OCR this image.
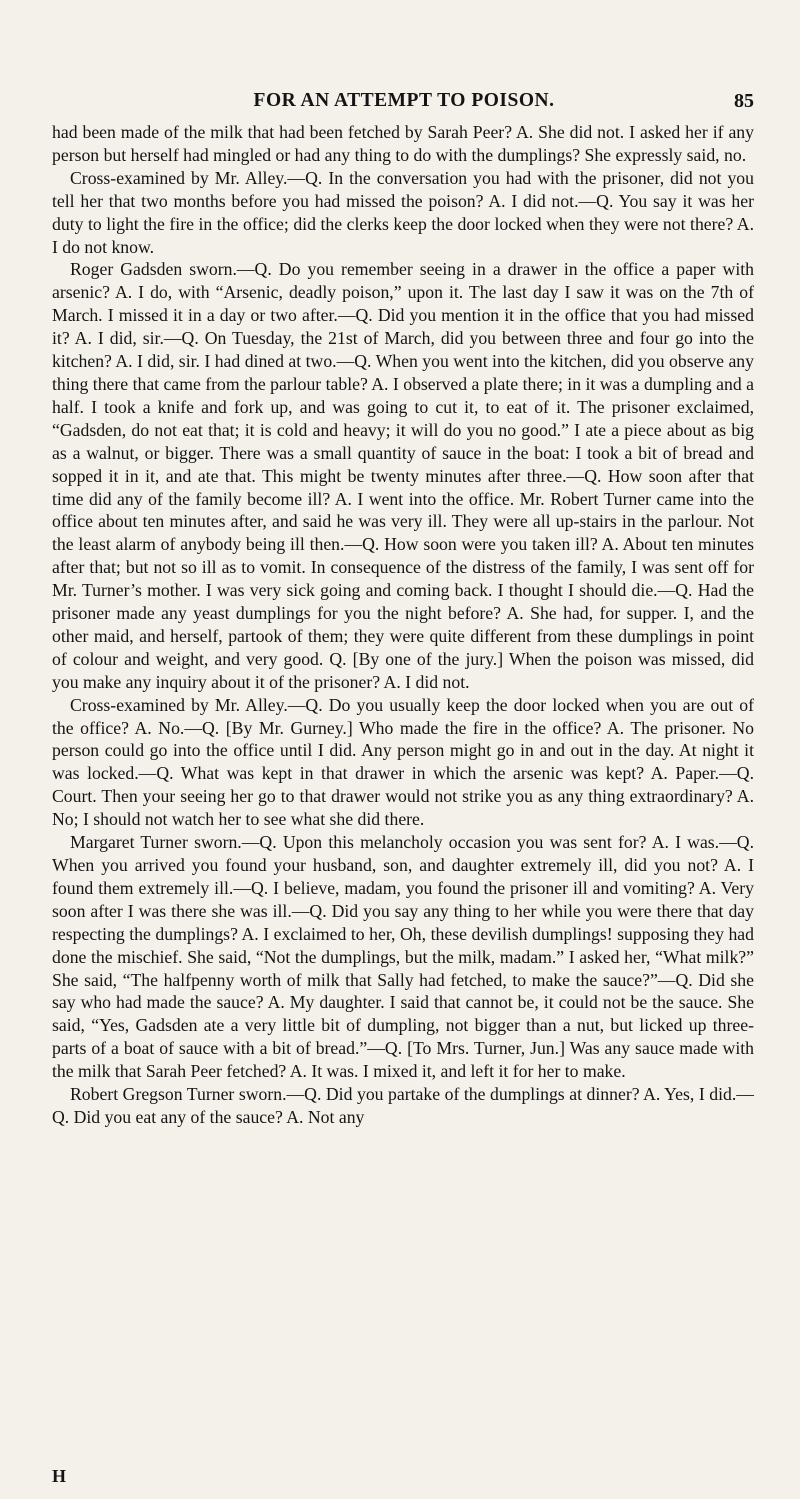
FOR AN ATTEMPT TO POISON.	85

had been made of the milk that had been fetched by Sarah Peer? A. She did not. I asked her if any person but herself had mingled or had any thing to do with the dumplings? She expressly said, no.

Cross-examined by Mr. Alley.—Q. In the conversation you had with the prisoner, did not you tell her that two months before you had missed the poison? A. I did not.—Q. You say it was her duty to light the fire in the office; did the clerks keep the door locked when they were not there? A. I do not know.

Roger Gadsden sworn.—Q. Do you remember seeing in a drawer in the office a paper with arsenic? A. I do, with “Arsenic, deadly poison,” upon it. The last day I saw it was on the 7th of March. I missed it in a day or two after.—Q. Did you mention it in the office that you had missed it? A. I did, sir.—Q. On Tuesday, the 21st of March, did you between three and four go into the kitchen? A. I did, sir. I had dined at two.—Q. When you went into the kitchen, did you observe any thing there that came from the parlour table? A. I observed a plate there; in it was a dumpling and a half. I took a knife and fork up, and was going to cut it, to eat of it. The prisoner exclaimed, “Gadsden, do not eat that; it is cold and heavy; it will do you no good.” I ate a piece about as big as a walnut, or bigger. There was a small quantity of sauce in the boat: I took a bit of bread and sopped it in it, and ate that. This might be twenty minutes after three.—Q. How soon after that time did any of the family become ill? A. I went into the office. Mr. Robert Turner came into the office about ten minutes after, and said he was very ill. They were all up-stairs in the parlour. Not the least alarm of anybody being ill then.—Q. How soon were you taken ill? A. About ten minutes after that; but not so ill as to vomit. In consequence of the distress of the family, I was sent off for Mr. Turner’s mother. I was very sick going and coming back. I thought I should die.—Q. Had the prisoner made any yeast dumplings for you the night before? A. She had, for supper. I, and the other maid, and herself, partook of them; they were quite different from these dumplings in point of colour and weight, and very good. Q. [By one of the jury.] When the poison was missed, did you make any inquiry about it of the prisoner? A. I did not.

Cross-examined by Mr. Alley.—Q. Do you usually keep the door locked when you are out of the office? A. No.—Q. [By Mr. Gurney.] Who made the fire in the office? A. The prisoner. No person could go into the office until I did. Any person might go in and out in the day. At night it was locked.—Q. What was kept in that drawer in which the arsenic was kept? A. Paper.—Q. Court. Then your seeing her go to that drawer would not strike you as any thing extraordinary? A. No; I should not watch her to see what she did there.

Margaret Turner sworn.—Q. Upon this melancholy occasion you was sent for? A. I was.—Q. When you arrived you found your husband, son, and daughter extremely ill, did you not? A. I found them extremely ill.—Q. I believe, madam, you found the prisoner ill and vomiting? A. Very soon after I was there she was ill.—Q. Did you say any thing to her while you were there that day respecting the dumplings? A. I exclaimed to her, Oh, these devilish dumplings! supposing they had done the mischief. She said, “Not the dumplings, but the milk, madam.” I asked her, “What milk?” She said, “The halfpenny worth of milk that Sally had fetched, to make the sauce?”—Q. Did she say who had made the sauce? A. My daughter. I said that cannot be, it could not be the sauce. She said, “Yes, Gadsden ate a very little bit of dumpling, not bigger than a nut, but licked up three-parts of a boat of sauce with a bit of bread.”—Q. [To Mrs. Turner, Jun.] Was any sauce made with the milk that Sarah Peer fetched? A. It was. I mixed it, and left it for her to make.

Robert Gregson Turner sworn.—Q. Did you partake of the dumplings at dinner? A. Yes, I did.—Q. Did you eat any of the sauce? A. Not any

H
